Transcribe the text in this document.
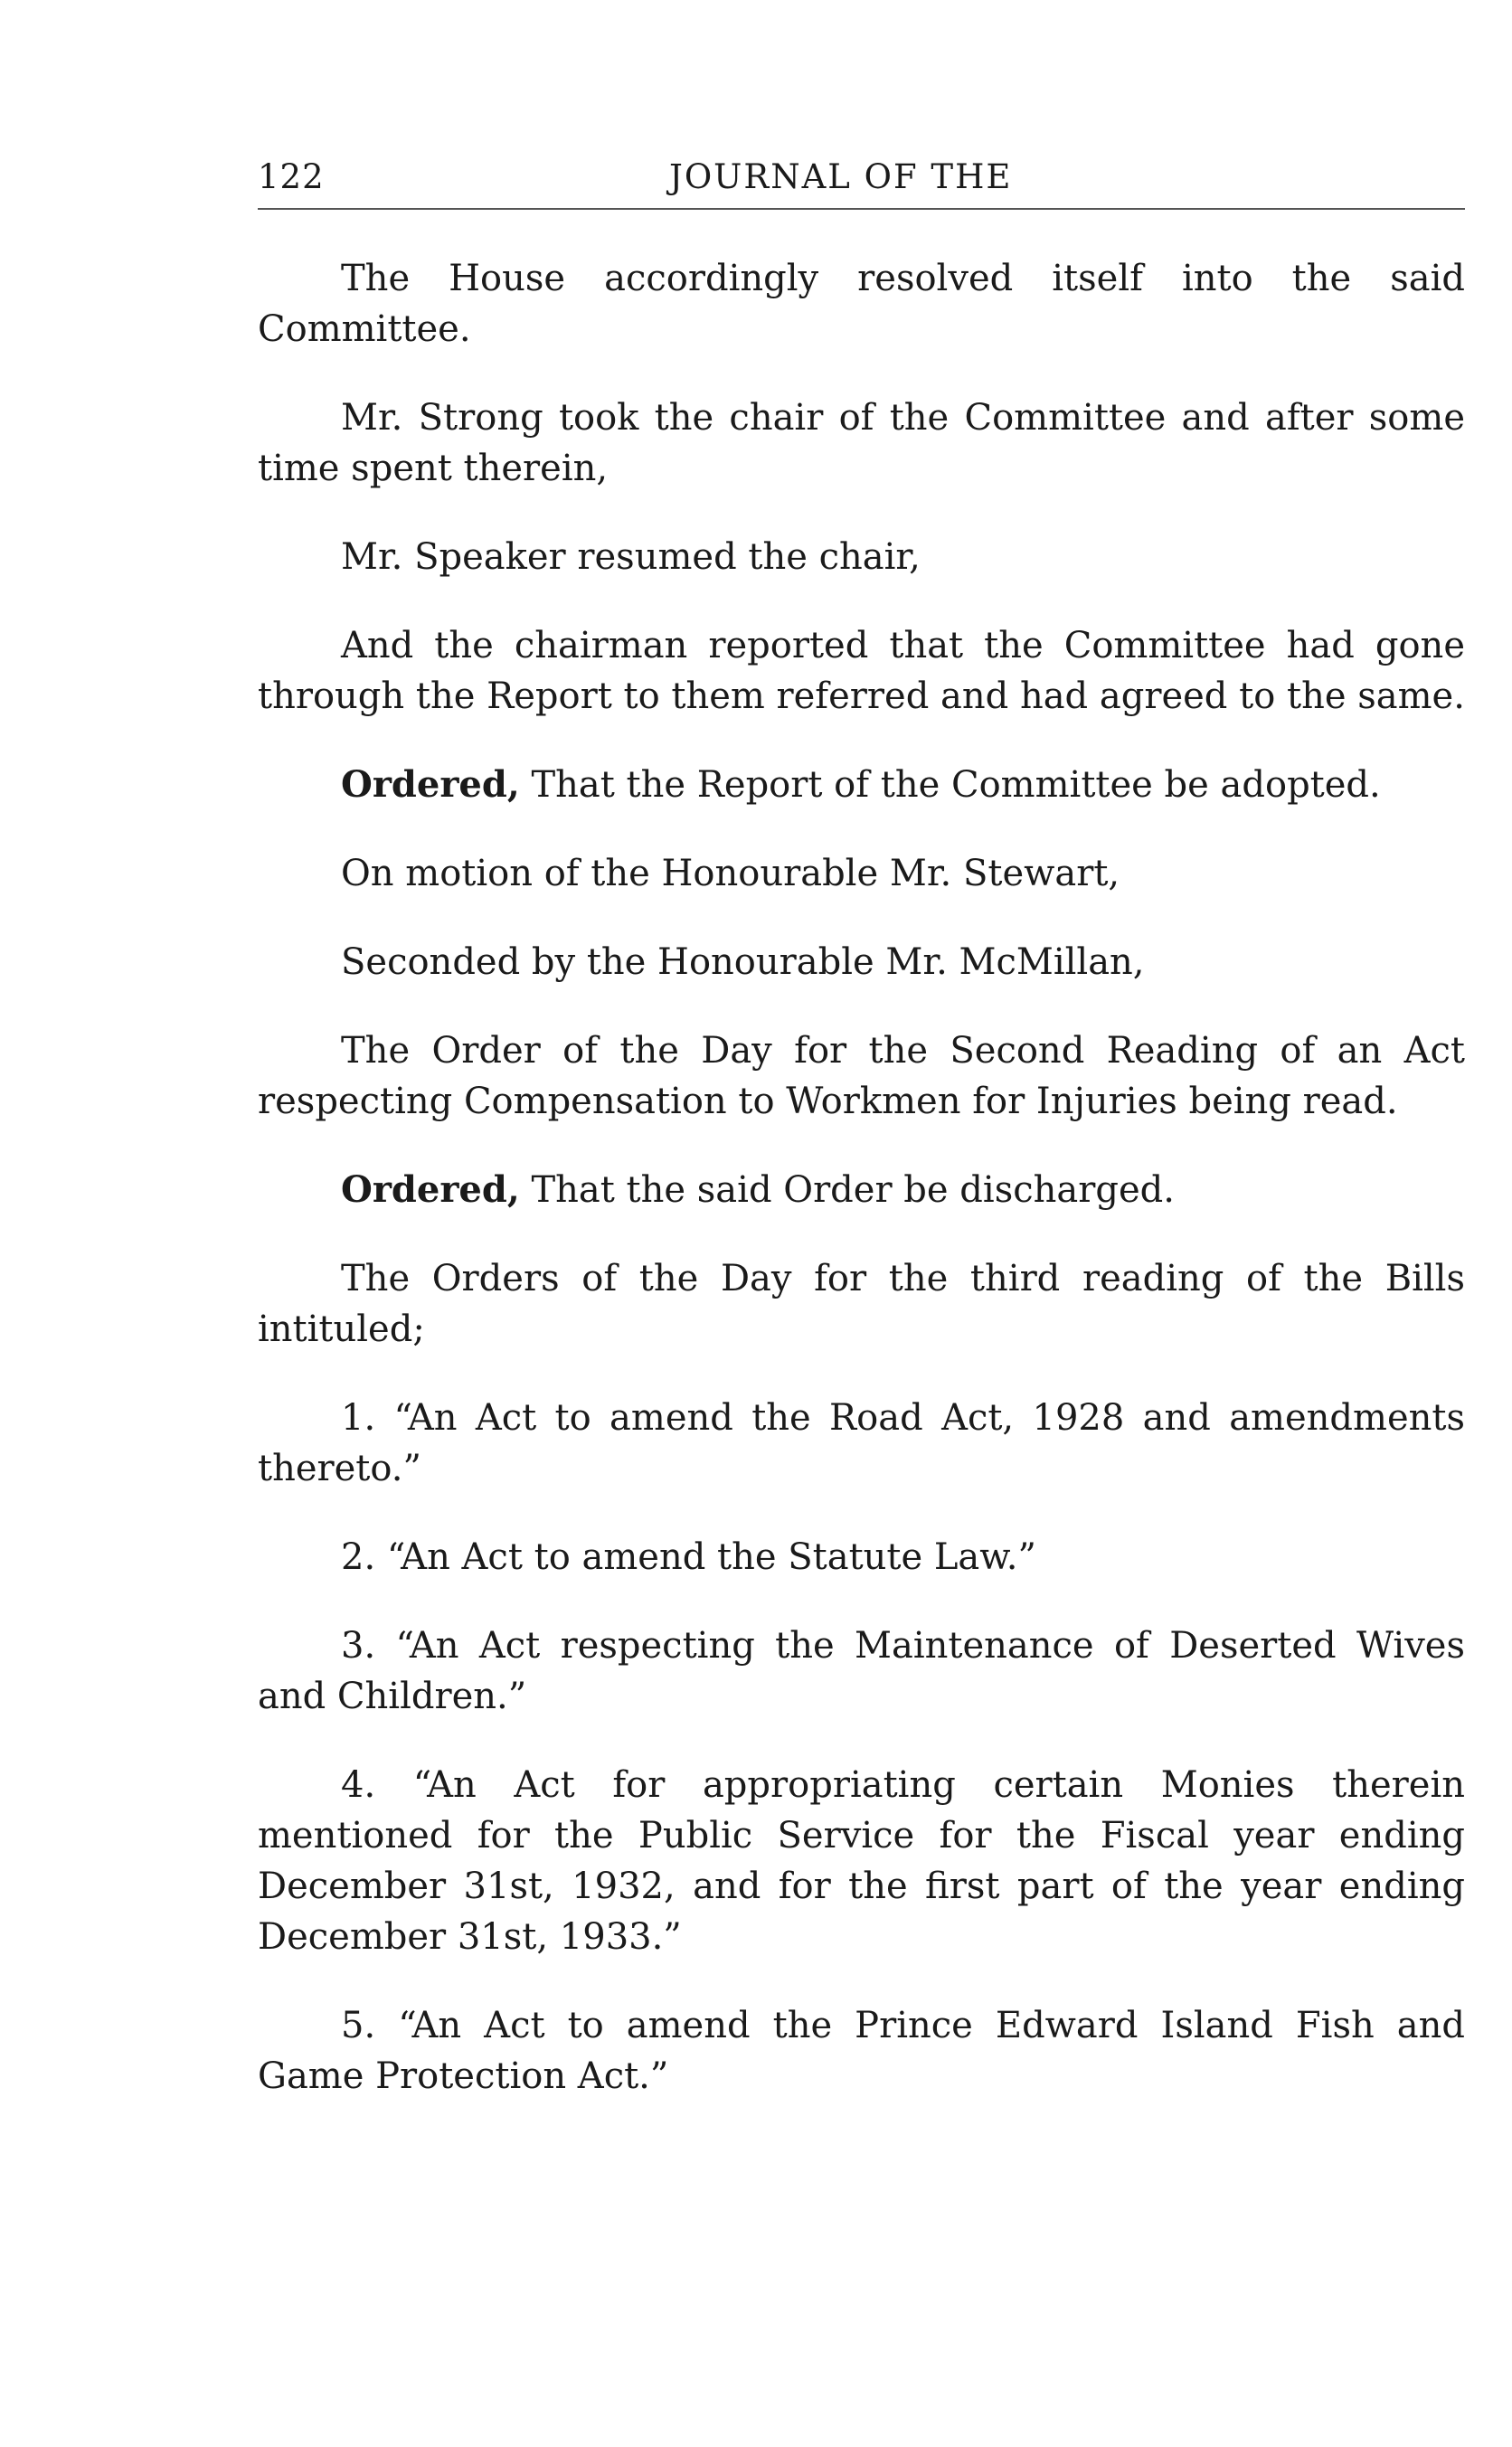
122	JOURNAL OF THE

The House accordingly resolved itself into the said Committee.

Mr. Strong took the chair of the Committee and after some time spent therein,

Mr. Speaker resumed the chair,

And the chairman reported that the Committee had gone through the Report to them referred and had agreed to the same.

Ordered, That the Report of the Committee be adopted.

On motion of the Honourable Mr. Stewart,

Seconded by the Honourable Mr. McMillan,

The Order of the Day for the Second Reading of an Act respecting Compensation to Workmen for Injuries being read.

Ordered, That the said Order be discharged.

The Orders of the Day for the third reading of the Bills intituled;

1. “An Act to amend the Road Act, 1928 and amendments thereto.”

2. “An Act to amend the Statute Law.”

3. “An Act respecting the Maintenance of Deserted Wives and Children.”

4. “An Act for appropriating certain Monies therein mentioned for the Public Service for the Fiscal year ending December 31st, 1932, and for the first part of the year ending December 31st, 1933.”

5. “An Act to amend the Prince Edward Island Fish and Game Protection Act.”
